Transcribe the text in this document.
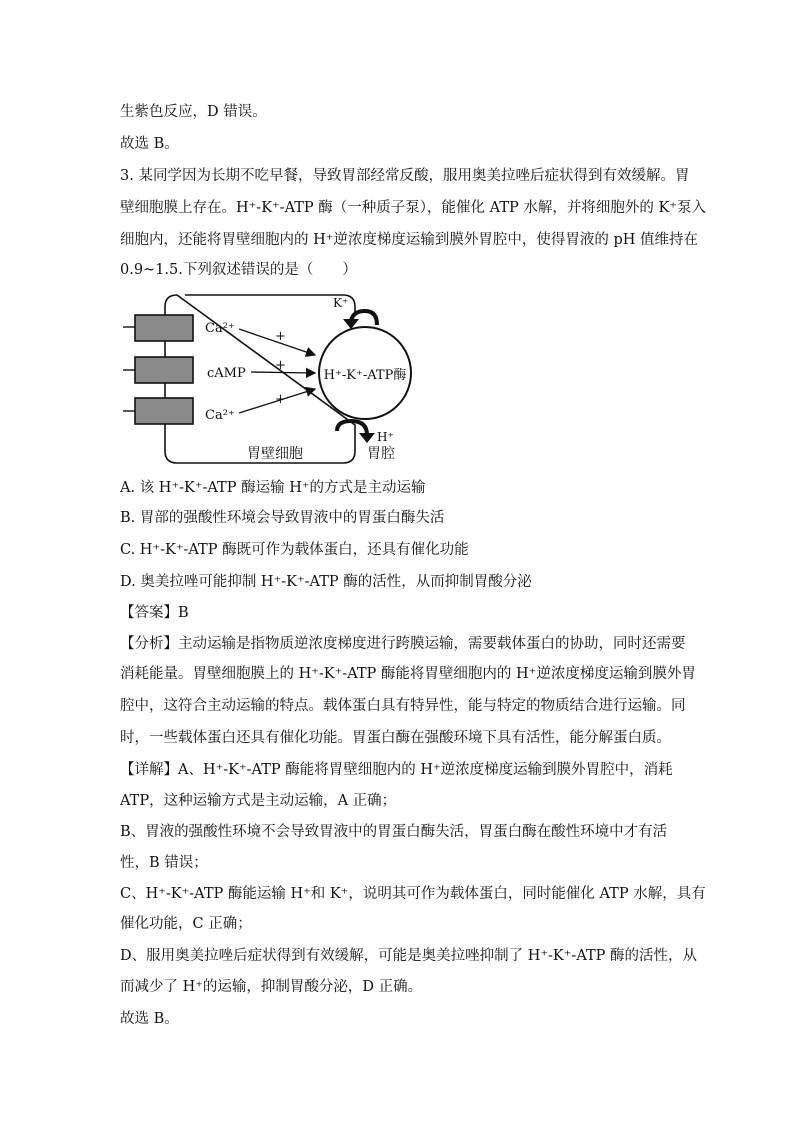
生紫色反应，D 错误。
故选 B。
3. 某同学因为长期不吃早餐，导致胃部经常反酸，服用奥美拉唑后症状得到有效缓解。胃
壁细胞膜上存在。H⁺-K⁺-ATP 酶（一种质子泵），能催化 ATP 水解，并将细胞外的 K⁺泵入
细胞内，还能将胃壁细胞内的 H⁺逆浓度梯度运输到膜外胃腔中，使得胃液的 pH 值维持在
0.9~1.5.下列叙述错误的是（　　）
Ca²⁺
cAMP
Ca²⁺
+
+
+
H⁺-K⁺-ATP酶
K⁺
H⁺
胃壁细胞	胃腔
A. 该 H⁺-K⁺-ATP 酶运输 H⁺的方式是主动运输
B. 胃部的强酸性环境会导致胃液中的胃蛋白酶失活
C. H⁺-K⁺-ATP 酶既可作为载体蛋白，还具有催化功能
D. 奥美拉唑可能抑制 H⁺-K⁺-ATP 酶的活性，从而抑制胃酸分泌
【答案】B
【分析】主动运输是指物质逆浓度梯度进行跨膜运输，需要载体蛋白的协助，同时还需要
消耗能量。胃壁细胞膜上的 H⁺-K⁺-ATP 酶能将胃壁细胞内的 H⁺逆浓度梯度运输到膜外胃
腔中，这符合主动运输的特点。载体蛋白具有特异性，能与特定的物质结合进行运输。同
时，一些载体蛋白还具有催化功能。胃蛋白酶在强酸环境下具有活性，能分解蛋白质。
【详解】A、H⁺-K⁺-ATP 酶能将胃壁细胞内的 H⁺逆浓度梯度运输到膜外胃腔中，消耗
ATP，这种运输方式是主动运输，A 正确；
B、胃液的强酸性环境不会导致胃液中的胃蛋白酶失活，胃蛋白酶在酸性环境中才有活
性，B 错误；
C、H⁺-K⁺-ATP 酶能运输 H⁺和 K⁺，说明其可作为载体蛋白，同时能催化 ATP 水解，具有
催化功能，C 正确；
D、服用奥美拉唑后症状得到有效缓解，可能是奥美拉唑抑制了 H⁺-K⁺-ATP 酶的活性，从
而减少了 H⁺的运输，抑制胃酸分泌，D 正确。
故选 B。
